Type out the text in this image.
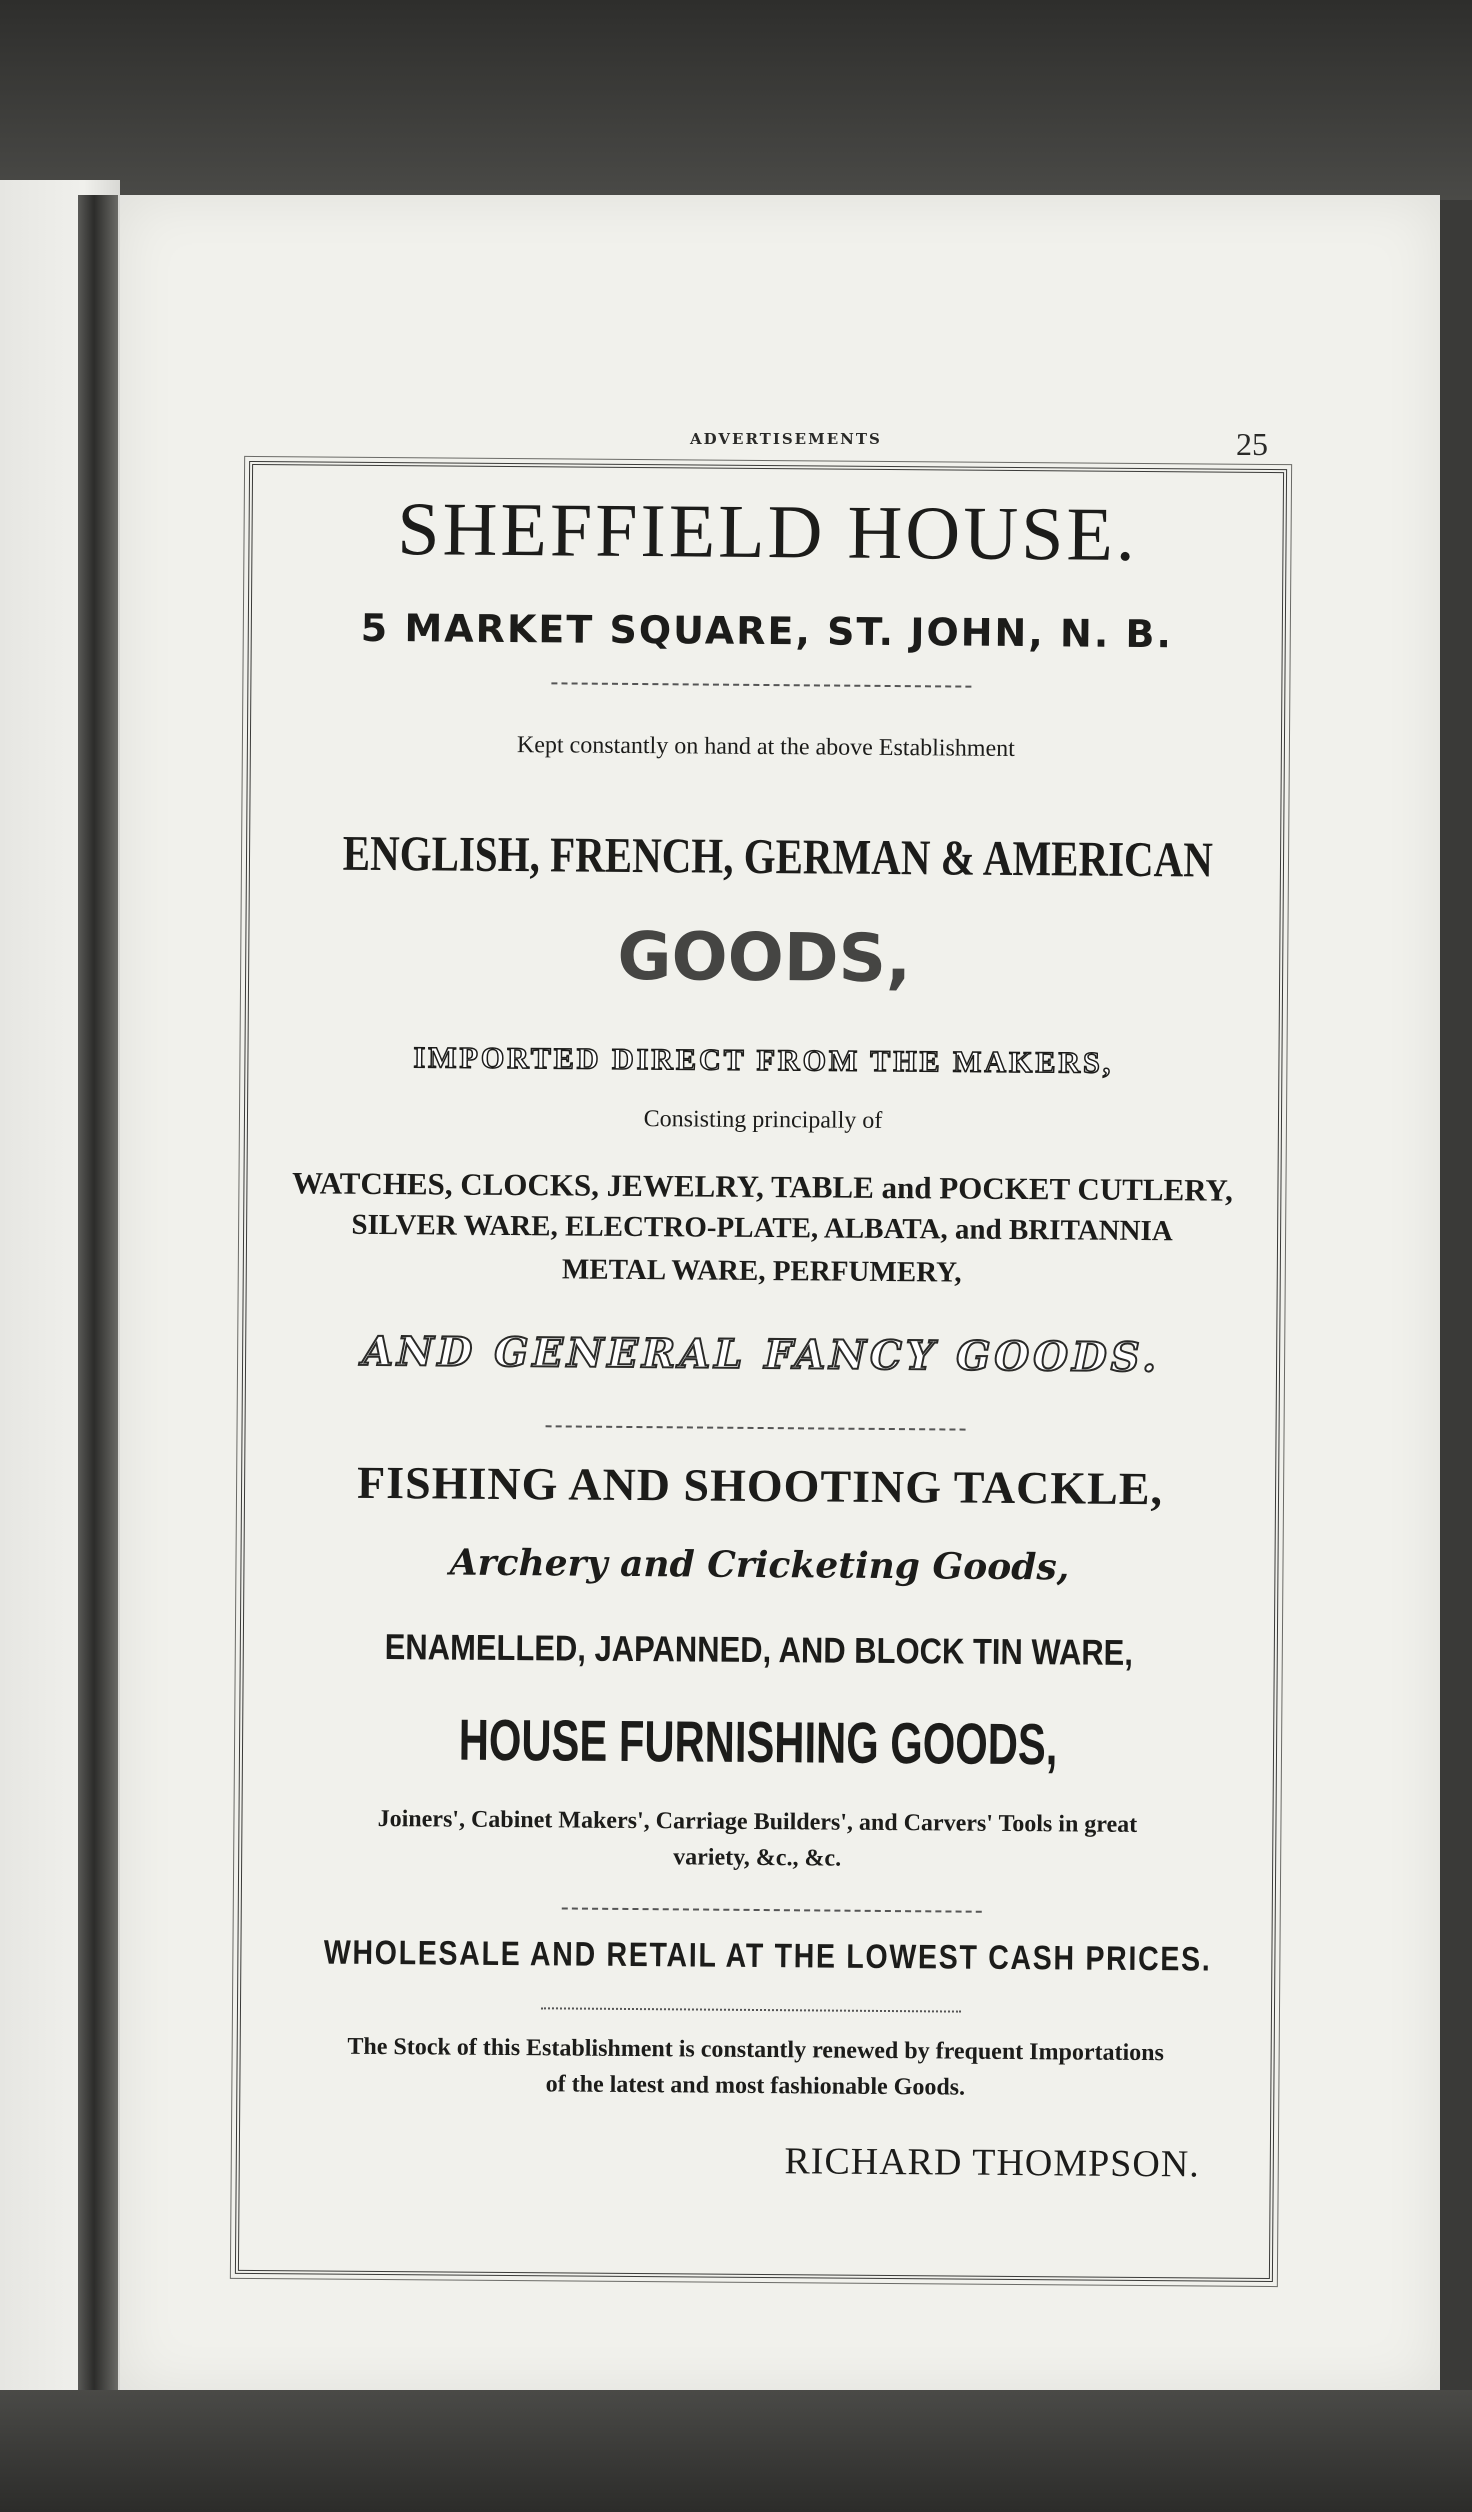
ADVERTISEMENTS	25
SHEFFIELD HOUSE.
5 MARKET SQUARE, ST. JOHN, N. B.
Kept constantly on hand at the above Establishment
ENGLISH, FRENCH, GERMAN & AMERICAN
GOODS,
IMPORTED DIRECT FROM THE MAKERS,
Consisting principally of
WATCHES, CLOCKS, JEWELRY, TABLE and POCKET CUTLERY,
SILVER WARE, ELECTRO-PLATE, ALBATA, and BRITANNIA
METAL WARE, PERFUMERY,
AND GENERAL FANCY GOODS.
FISHING AND SHOOTING TACKLE,
Archery and Cricketing Goods,
ENAMELLED, JAPANNED, AND BLOCK TIN WARE,
HOUSE FURNISHING GOODS,
Joiners', Cabinet Makers', Carriage Builders', and Carvers' Tools in great
variety, &c., &c.
WHOLESALE AND RETAIL AT THE LOWEST CASH PRICES.
The Stock of this Establishment is constantly renewed by frequent Importations
of the latest and most fashionable Goods.
RICHARD THOMPSON.
